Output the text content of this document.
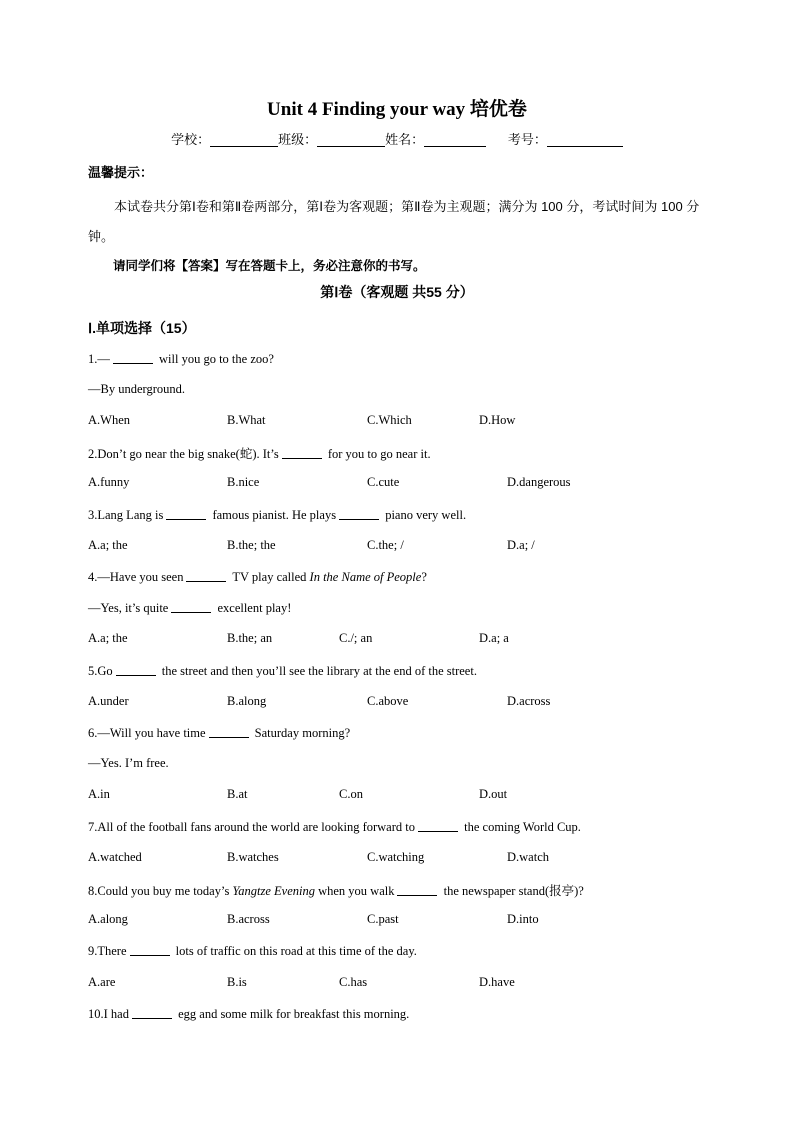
Unit 4 Finding your way 培优卷
学校：	班级：	姓名：	考号：
温馨提示：
本试卷共分第Ⅰ卷和第Ⅱ卷两部分，第Ⅰ卷为客观题；第Ⅱ卷为主观题；满分为 100 分，考试时间为 100 分钟。
请同学们将【答案】写在答题卡上，务必注意你的书写。
第Ⅰ卷（客观题 共55 分）
Ⅰ.单项选择（15）
1.—	will you go to the zoo?
—By underground.
A.When	B.What	C.Which	D.How
2.Don’t go near the big snake(蛇). It’s	for you to go near it.
A.funny	B.nice	C.cute	D.dangerous
3.Lang Lang is	famous pianist. He plays	piano very well.
A.a; the	B.the; the	C.the; /	D.a; /
4.—Have you seen	TV play called In the Name of People?
—Yes, it’s quite	excellent play!
A.a; the	B.the; an	C./; an	D.a; a
5.Go	the street and then you’ll see the library at the end of the street.
A.under	B.along	C.above	D.across
6.—Will you have time	Saturday morning?
—Yes. I’m free.
A.in	B.at	C.on	D.out
7.All of the football fans around the world are looking forward to	the coming World Cup.
A.watched	B.watches	C.watching	D.watch
8.Could you buy me today’s Yangtze Evening when you walk	the newspaper stand(报亭)?
A.along	B.across	C.past	D.into
9.There	lots of traffic on this road at this time of the day.
A.are	B.is	C.has	D.have
10.I had	egg and some milk for breakfast this morning.
